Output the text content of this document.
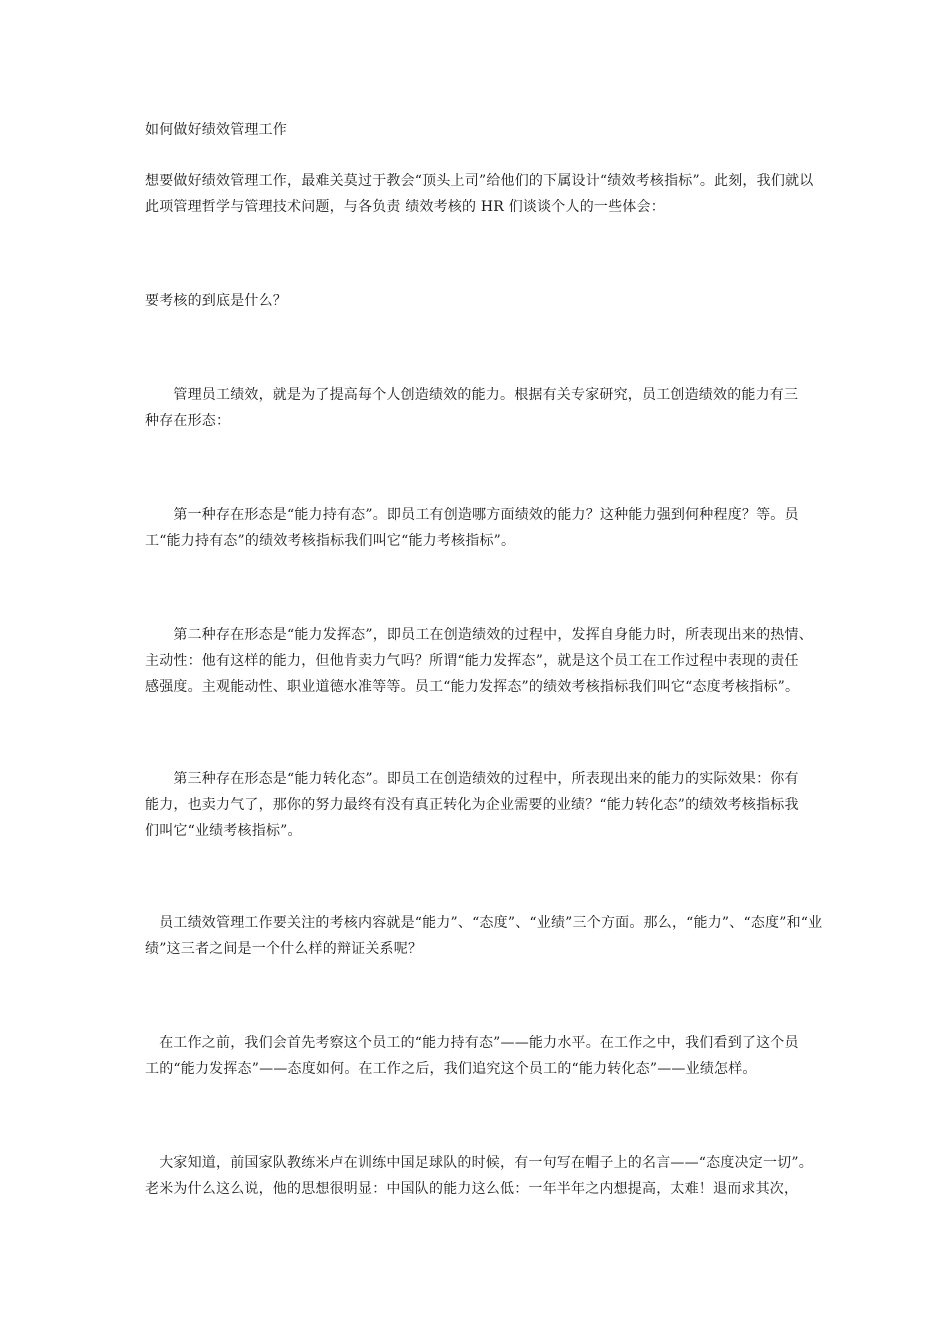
如何做好绩效管理工作
想要做好绩效管理工作，最难关莫过于教会“顶头上司”给他们的下属设计“绩效考核指标”。此刻，我们就以
此项管理哲学与管理技术问题，与各负责 绩效考核的 HR 们谈谈个人的一些体会：
要考核的到底是什么？
　　管理员工绩效，就是为了提高每个人创造绩效的能力。根据有关专家研究，员工创造绩效的能力有三
种存在形态：
　　第一种存在形态是“能力持有态”。即员工有创造哪方面绩效的能力？这种能力强到何种程度？等。员
工“能力持有态”的绩效考核指标我们叫它“能力考核指标”。
　　第二种存在形态是“能力发挥态”，即员工在创造绩效的过程中，发挥自身能力时，所表现出来的热情、
主动性：他有这样的能力，但他肯卖力气吗？所谓“能力发挥态”，就是这个员工在工作过程中表现的责任
感强度。主观能动性、职业道德水准等等。员工“能力发挥态”的绩效考核指标我们叫它“态度考核指标”。
　　第三种存在形态是“能力转化态”。即员工在创造绩效的过程中，所表现出来的能力的实际效果：你有
能力，也卖力气了，那你的努力最终有没有真正转化为企业需要的业绩？“能力转化态”的绩效考核指标我
们叫它“业绩考核指标”。
　员工绩效管理工作要关注的考核内容就是“能力”、“态度”、“业绩”三个方面。那么，“能力”、“态度”和“业
绩”这三者之间是一个什么样的辩证关系呢？
　在工作之前，我们会首先考察这个员工的“能力持有态”——能力水平。在工作之中，我们看到了这个员
工的“能力发挥态”——态度如何。在工作之后，我们追究这个员工的“能力转化态”——业绩怎样。
　大家知道，前国家队教练米卢在训练中国足球队的时候，有一句写在帽子上的名言——“态度决定一切”。
老米为什么这么说，他的思想很明显：中国队的能力这么低：一年半年之内想提高，太难！退而求其次，
